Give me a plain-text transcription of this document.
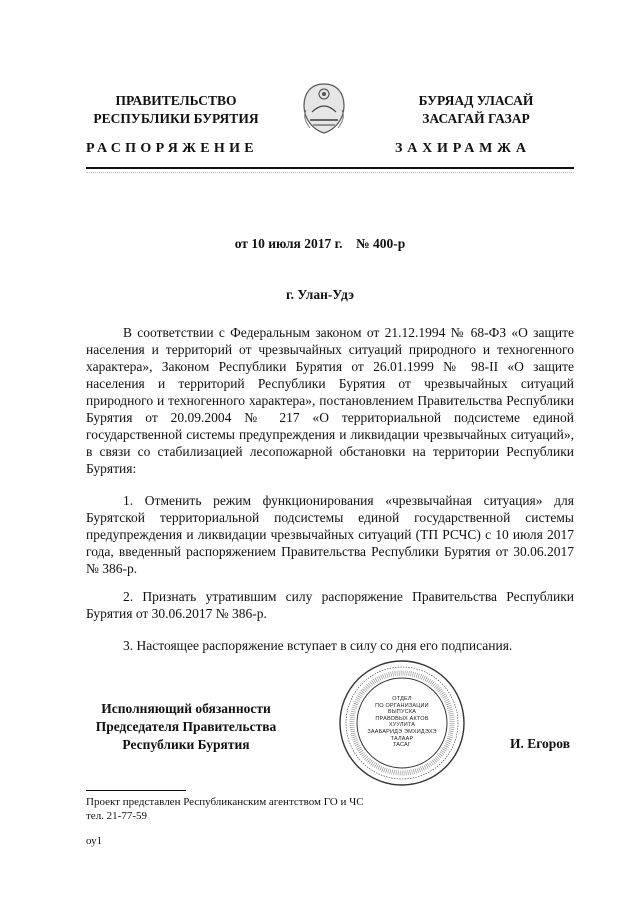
ПРАВИТЕЛЬСТВО
РЕСПУБЛИКИ БУРЯТИЯ
БУРЯАД УЛАСАЙ
ЗАСАГАЙ ГАЗАР
РАСПОРЯЖЕНИЕ	ЗАХИРАМЖА
от 10 июля 2017 г.    № 400-р
г. Улан-Удэ

В соответствии с Федеральным законом от 21.12.1994 № 68-ФЗ «О защите населения и территорий от чрезвычайных ситуаций природного и техногенного характера», Законом Республики Бурятия от 26.01.1999 № 98-II «О защите населения и территорий Республики Бурятия от чрезвычайных ситуаций природного и техногенного характера», постановлением Правительства Республики Бурятия от 20.09.2004 № 217 «О территориальной подсистеме единой государственной системы предупреждения и ликвидации чрезвычайных ситуаций», в связи со стабилизацией лесопожарной обстановки на территории Республики Бурятия:

1. Отменить режим функционирования «чрезвычайная ситуация» для Бурятской территориальной подсистемы единой государственной системы предупреждения и ликвидации чрезвычайных ситуаций (ТП РСЧС) с 10 июля 2017 года, введенный распоряжением Правительства Республики Бурятия от 30.06.2017 № 386-р.

2. Признать утратившим силу распоряжение Правительства Республики Бурятия от 30.06.2017 № 386-р.

3. Настоящее распоряжение вступает в силу со дня его подписания.

Исполняющий обязанности
Председателя Правительства
Республики Бурятия
ОТДЕЛ
ПО ОРГАНИЗАЦИИ
ВЫПУСКА
ПРАВОВЫХ АКТОВ
ХУУЛИТА
ЗААБАРИДЭ ЭМХИДЭХЭ ТАЛААР
ТАСАГ	И. Егоров
Проект представлен Республиканским агентством ГО и ЧС
тел. 21-77-59
оу1
